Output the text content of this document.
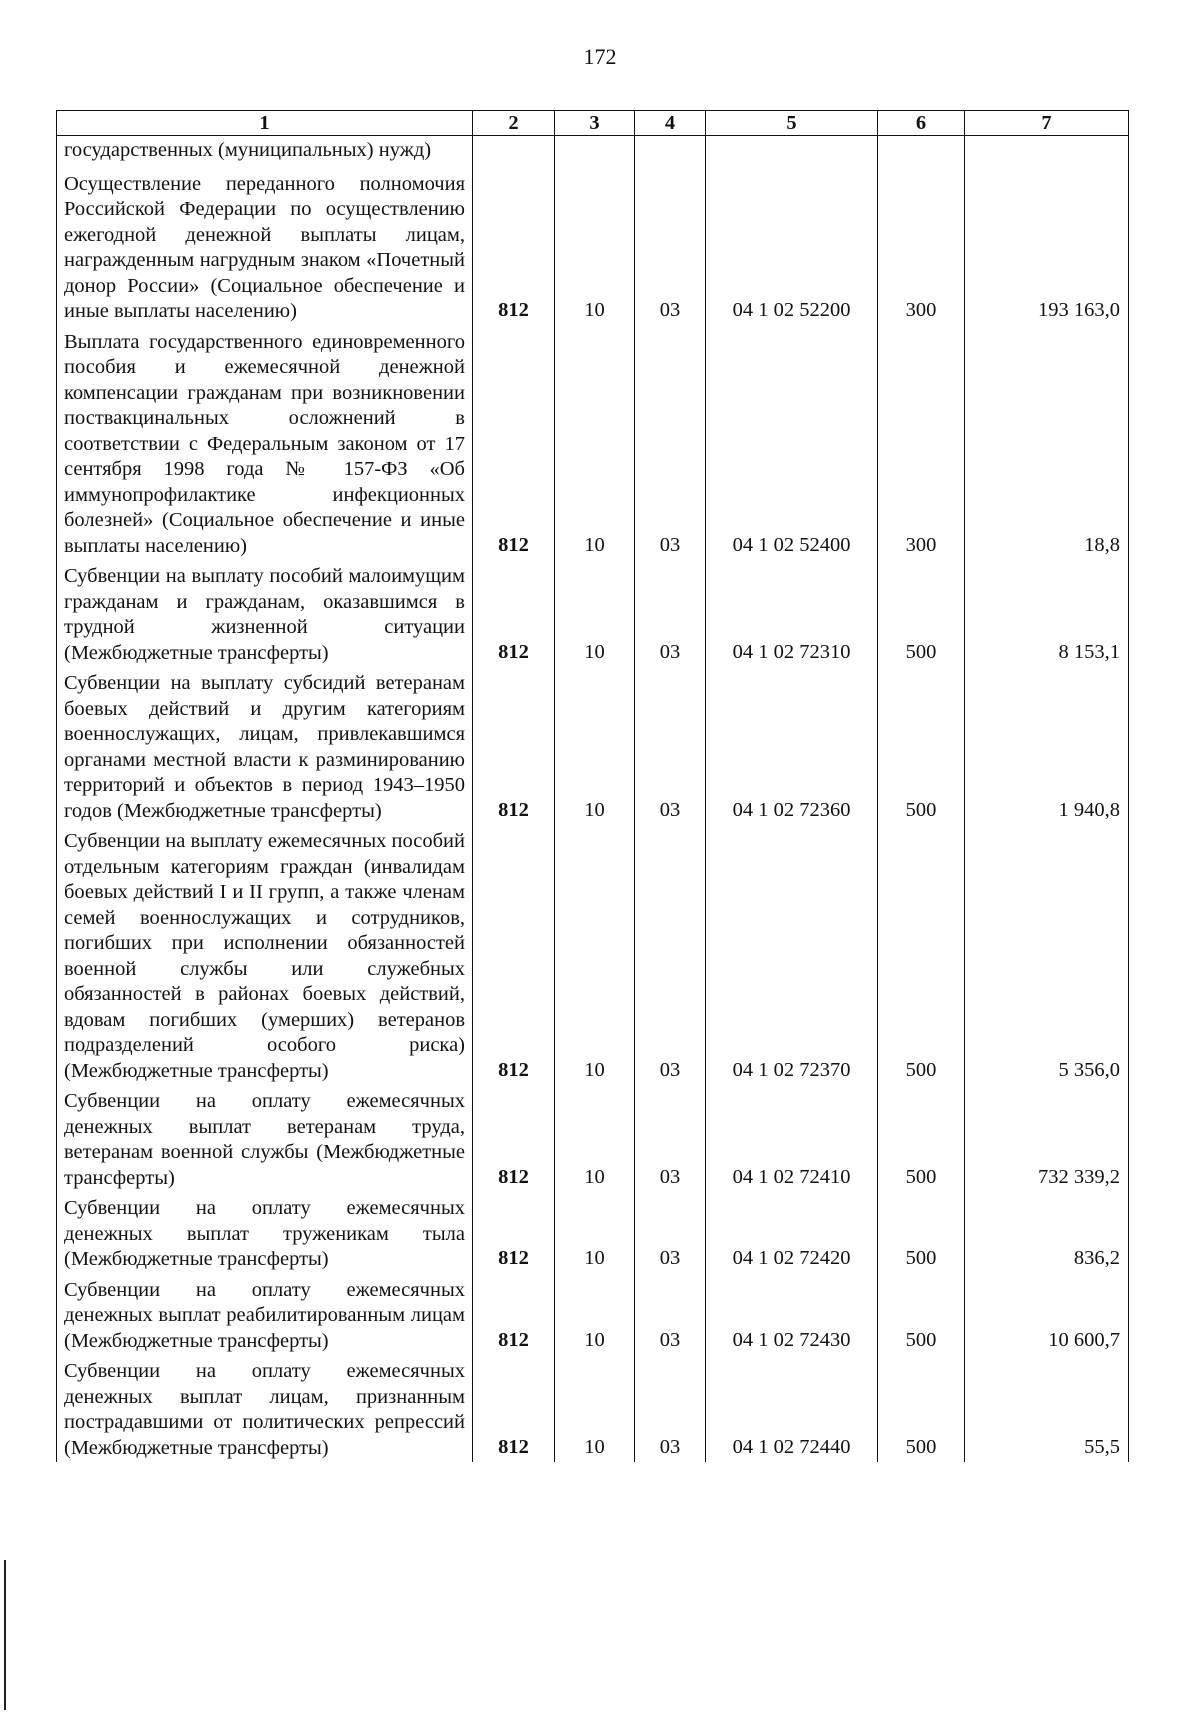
172
1	2	3	4	5	6	7
государственных (муниципальных) нужд)						
Осуществление переданного полномочия Российской Федерации по осуществлению ежегодной денежной выплаты лицам, награжденным нагрудным знаком «Почетный донор России» (Социальное обеспечение и иные выплаты населению)	812	10	03	04 1 02 52200	300	193 163,0
Выплата государственного единовременного пособия и ежемесячной денежной компенсации гражданам при возникновении поствакцинальных осложнений в соответствии с Федеральным законом от 17 сентября 1998 года № 157-ФЗ «Об иммунопрофилактике инфекционных болезней» (Социальное обеспечение и иные выплаты населению)	812	10	03	04 1 02 52400	300	18,8
Субвенции на выплату пособий малоимущим гражданам и гражданам, оказавшимся в трудной жизненной ситуации (Межбюджетные трансферты)	812	10	03	04 1 02 72310	500	8 153,1
Субвенции на выплату субсидий ветеранам боевых действий и другим категориям военнослужащих, лицам, привлекавшимся органами местной власти к разминированию территорий и объектов в период 1943–1950 годов (Межбюджетные трансферты)	812	10	03	04 1 02 72360	500	1 940,8
Субвенции на выплату ежемесячных пособий отдельным категориям граждан (инвалидам боевых действий I и II групп, а также членам семей военнослужащих и сотрудников, погибших при исполнении обязанностей военной службы или служебных обязанностей в районах боевых действий, вдовам погибших (умерших) ветеранов подразделений особого риска) (Межбюджетные трансферты)	812	10	03	04 1 02 72370	500	5 356,0
Субвенции на оплату ежемесячных денежных выплат ветеранам труда, ветеранам военной службы (Межбюджетные трансферты)	812	10	03	04 1 02 72410	500	732 339,2
Субвенции на оплату ежемесячных денежных выплат труженикам тыла (Межбюджетные трансферты)	812	10	03	04 1 02 72420	500	836,2
Субвенции на оплату ежемесячных денежных выплат реабилитированным лицам (Межбюджетные трансферты)	812	10	03	04 1 02 72430	500	10 600,7
Субвенции на оплату ежемесячных денежных выплат лицам, признанным пострадавшими от политических репрессий (Межбюджетные трансферты)	812	10	03	04 1 02 72440	500	55,5
